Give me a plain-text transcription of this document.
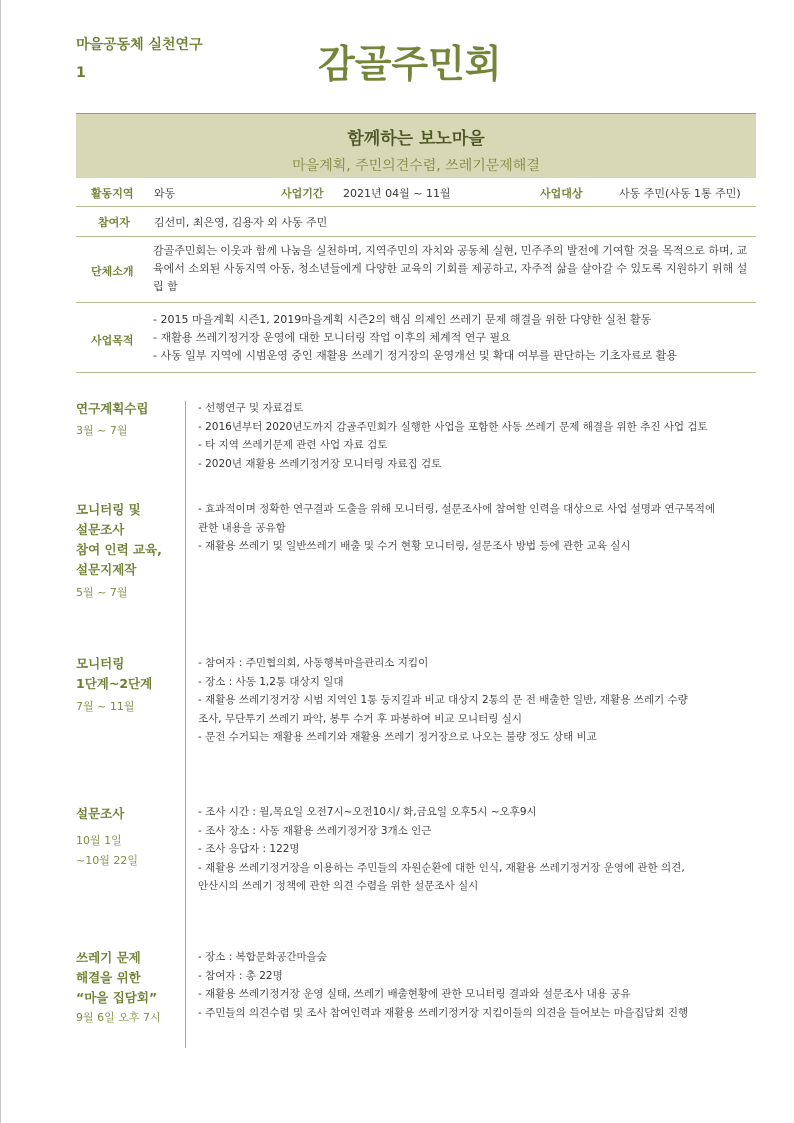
마을공동체 실천연구
1	감골주민회
함께하는 보노마을
마을계획, 주민의견수렴, 쓰레기문제해결
활동지역 와동	사업기간 2021년 04월 ~ 11월	사업대상	사동 주민(사동 1통 주민)
참여자 김선미, 최은영, 김용자 외 사동 주민
단체소개
감골주민회는 이웃과 함께 나눔을 실천하며, 지역주민의 자치와 공동체 실현, 민주주의 발전에 기여할 것을 목적으로 하며, 교육에서 소외된 사동지역 아동, 청소년들에게 다양한 교육의 기회를 제공하고, 자주적 삶을 살아갈 수 있도록 지원하기 위해 설립 함
사업목적
- 2015 마을계획 시즌1, 2019마을계획 시즌2의 핵심 의제인 쓰레기 문제 해결을 위한 다양한 실천 활동
- 재활용 쓰레기정거장 운영에 대한 모니터링 작업 이후의 체계적 연구 필요
- 사동 일부 지역에 시범운영 중인 재활용 쓰레기 정거장의 운영개선 및 확대 여부를 판단하는 기초자료로 활용
연구계획수립
3월 ~ 7월
- 선행연구 및 자료검토
- 2016년부터 2020년도까지 감골주민회가 실행한 사업을 포함한 사동 쓰레기 문제 해결을 위한 추진 사업 검토
- 타 지역 쓰레기문제 관련 사업 자료 검토
- 2020년 재활용 쓰레기정거장 모니터링 자료집 검토
모니터링 및
설문조사
참여 인력 교육,
설문지제작
5월 ~ 7월
- 효과적이며 정확한 연구결과 도출을 위해 모니터링, 설문조사에 참여할 인력을 대상으로 사업 설명과 연구목적에
관한 내용을 공유함
- 재활용 쓰레기 및 일반쓰레기 배출 및 수거 현황 모니터링, 설문조사 방법 등에 관한 교육 실시
모니터링
1단계~2단계
7월 ~ 11월
- 참여자 : 주민협의회, 사동행복마을관리소 지킴이
- 장소 : 사동 1,2통 대상지 일대
- 재활용 쓰레기정거장 시범 지역인 1통 둥지길과 비교 대상지 2통의 문 전 배출한 일반, 재활용 쓰레기 수량
조사, 무단투기 쓰레기 파악, 봉투 수거 후 파봉하여 비교 모니터링 실시
- 문전 수거되는 재활용 쓰레기와 재활용 쓰레기 정거장으로 나오는 불량 정도 상태 비교
설문조사
10월 1일
~10월 22일
- 조사 시간 : 월,목요일 오전7시~오전10시/ 화,금요일 오후5시 ~오후9시
- 조사 장소 : 사동 재활용 쓰레기정거장 3개소 인근
- 조사 응답자 : 122명
- 재활용 쓰레기정거장을 이용하는 주민들의 자원순환에 대한 인식, 재활용 쓰레기정거장 운영에 관한 의견,
안산시의 쓰레기 정책에 관한 의견 수렴을 위한 설문조사 실시
쓰레기 문제
해결을 위한
“마을 집담회”
9월 6일 오후 7시
- 장소 : 복합문화공간마을숲
- 참여자 : 총 22명
- 재활용 쓰레기정거장 운영 실태, 쓰레기 배출현황에 관한 모니터링 결과와 설문조사 내용 공유
- 주민들의 의견수렴 및 조사 참여인력과 재활용 쓰레기정거장 지킴이들의 의견을 들어보는 마을집담회 진행
